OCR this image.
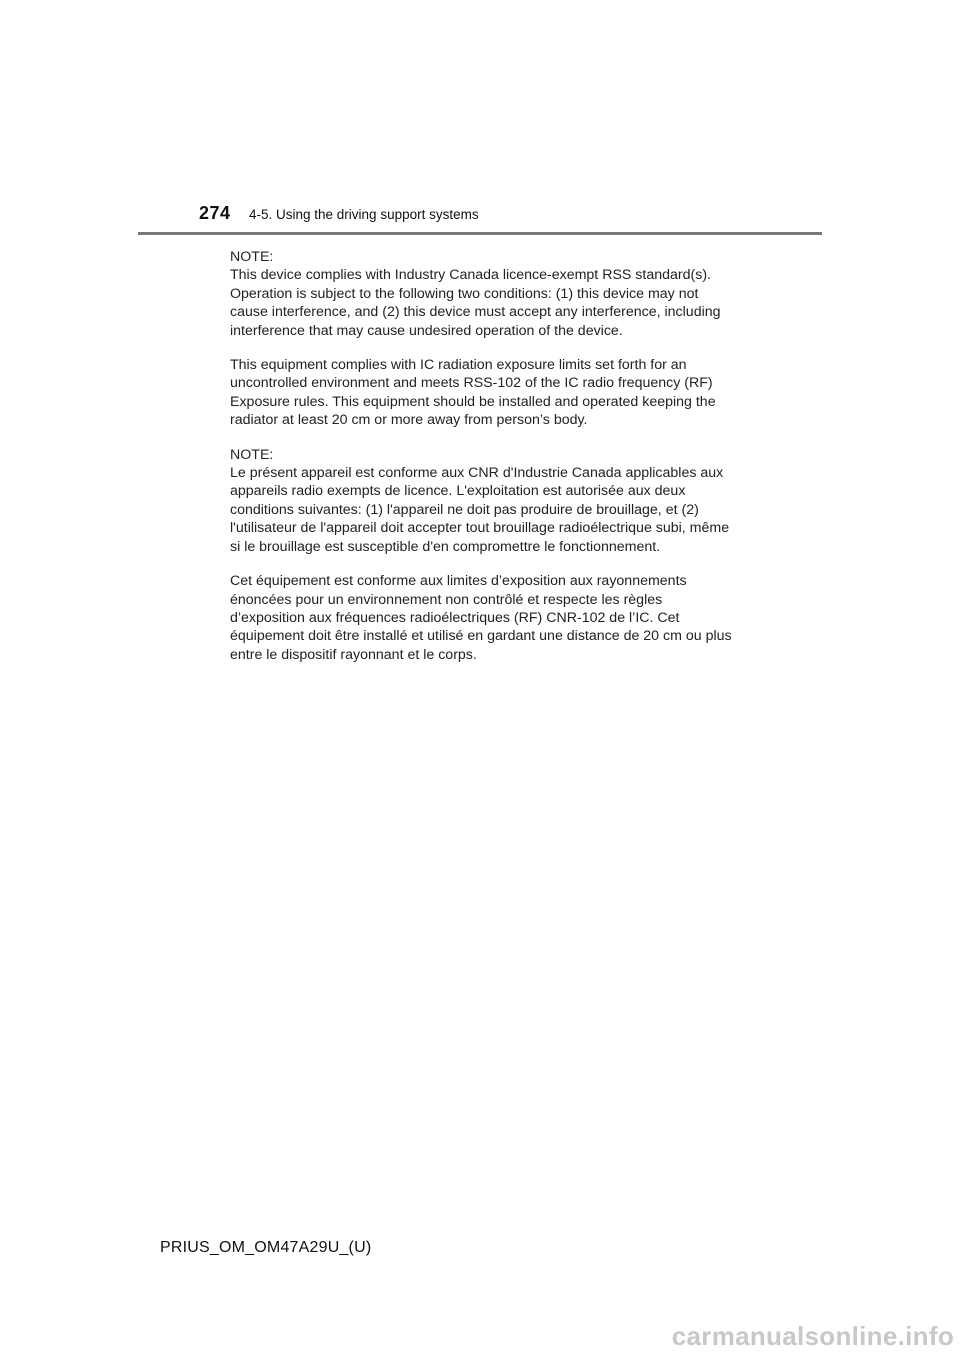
274 4-5. Using the driving support systems

NOTE:

This device complies with Industry Canada licence-exempt RSS standard(s). Operation is subject to the following two conditions: (1) this device may not cause interference, and (2) this device must accept any interference, including interference that may cause undesired operation of the device.

This equipment complies with IC radiation exposure limits set forth for an uncontrolled environment and meets RSS-102 of the IC radio frequency (RF) Exposure rules. This equipment should be installed and operated keeping the radiator at least 20 cm or more away from person’s body.

NOTE:

Le présent appareil est conforme aux CNR d'Industrie Canada applicables aux appareils radio exempts de licence. L'exploitation est autorisée aux deux conditions suivantes: (1) l'appareil ne doit pas produire de brouillage, et (2) l'utilisateur de l'appareil doit accepter tout brouillage radioélectrique subi, même si le brouillage est susceptible d'en compromettre le fonctionnement.

Cet équipement est conforme aux limites d’exposition aux rayonnements énoncées pour un environnement non contrôlé et respecte les règles d’exposition aux fréquences radioélectriques (RF) CNR-102 de l’IC. Cet équipement doit être installé et utilisé en gardant une distance de 20 cm ou plus entre le dispositif rayonnant et le corps.

PRIUS_OM_OM47A29U_(U)
carmanualsonline.info
